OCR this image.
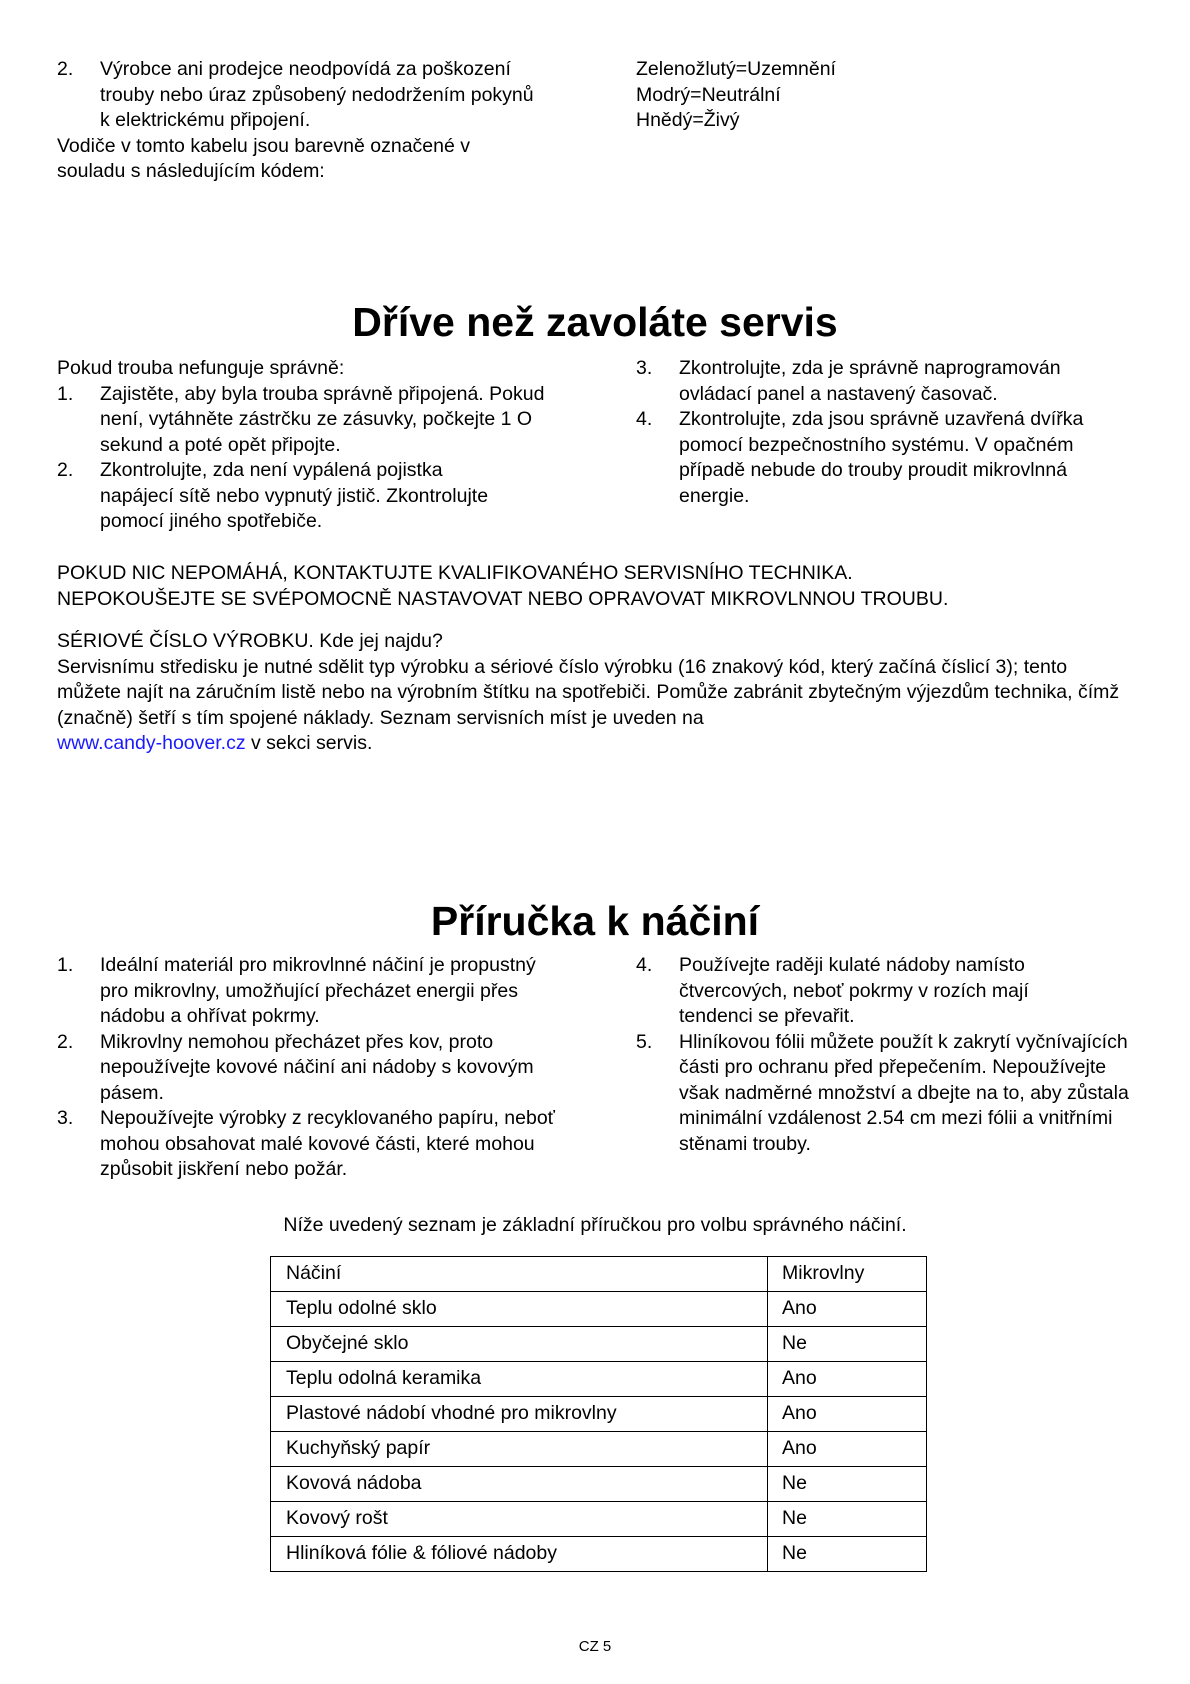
2. Výrobce ani prodejce neodpovídá za poškození trouby nebo úraz způsobený nedodržením pokynů k elektrickému připojení.
Vodiče v tomto kabelu jsou barevně označené v souladu s následujícím kódem:
Zelenožlutý=Uzemnění
Modrý=Neutrální
Hnědý=Živý
Dříve než zavoláte servis
Pokud trouba nefunguje správně:
1. Zajistěte, aby byla trouba správně připojená. Pokud není, vytáhněte zástrčku ze zásuvky, počkejte 1 O sekund a poté opět připojte.
2. Zkontrolujte, zda není vypálená pojistka napájecí sítě nebo vypnutý jistič. Zkontrolujte pomocí jiného spotřebiče.
3. Zkontrolujte, zda je správně naprogramován ovládací panel a nastavený časovač.
4. Zkontrolujte, zda jsou správně uzavřená dvířka pomocí bezpečnostního systému. V opačném případě nebude do trouby proudit mikrovlnná energie.
POKUD NIC NEPOMÁHÁ, KONTAKTUJTE KVALIFIKOVANÉHO SERVISNÍHO TECHNIKA.
NEPOKOUŠEJTE SE SVÉPOMOCNĚ NASTAVOVAT NEBO OPRAVOVAT MIKROVLNNOU TROUBU.
SÉRIOVÉ ČÍSLO VÝROBKU. Kde jej najdu?
Servisnímu středisku je nutné sdělit typ výrobku a sériové číslo výrobku (16 znakový kód, který začíná číslicí 3); tento můžete najít na záručním listě nebo na výrobním štítku na spotřebiči. Pomůže zabránit zbytečným výjezdům technika, čímž (značně) šetří s tím spojené náklady. Seznam servisních míst je uveden na
www.candy-hoover.cz v sekci servis.
Příručka k náčiní
1. Ideální materiál pro mikrovlnné náčiní je propustný pro mikrovlny, umožňující přecházet energii přes nádobu a ohřívat pokrmy.
2. Mikrovlny nemohou přecházet přes kov, proto nepoužívejte kovové náčiní ani nádoby s kovovým pásem.
3. Nepoužívejte výrobky z recyklovaného papíru, neboť mohou obsahovat malé kovové části, které mohou způsobit jiskření nebo požár.
4. Používejte raději kulaté nádoby namísto čtvercových, neboť pokrmy v rozích mají tendenci se převařit.
5. Hliníkovou fólii můžete použít k zakrytí vyčnívajících části pro ochranu před přepečením. Nepoužívejte však nadměrné množství a dbejte na to, aby zůstala minimální vzdálenost 2.54 cm mezi fólii a vnitřními stěnami trouby.
Níže uvedený seznam je základní příručkou pro volbu správného náčiní.
Náčiní	Mikrovlny
Teplu odolné sklo	Ano
Obyčejné sklo	Ne
Teplu odolná keramika	Ano
Plastové nádobí vhodné pro mikrovlny	Ano
Kuchyňský papír	Ano
Kovová nádoba	Ne
Kovový rošt	Ne
Hliníková fólie & fóliové nádoby	Ne
CZ 5
